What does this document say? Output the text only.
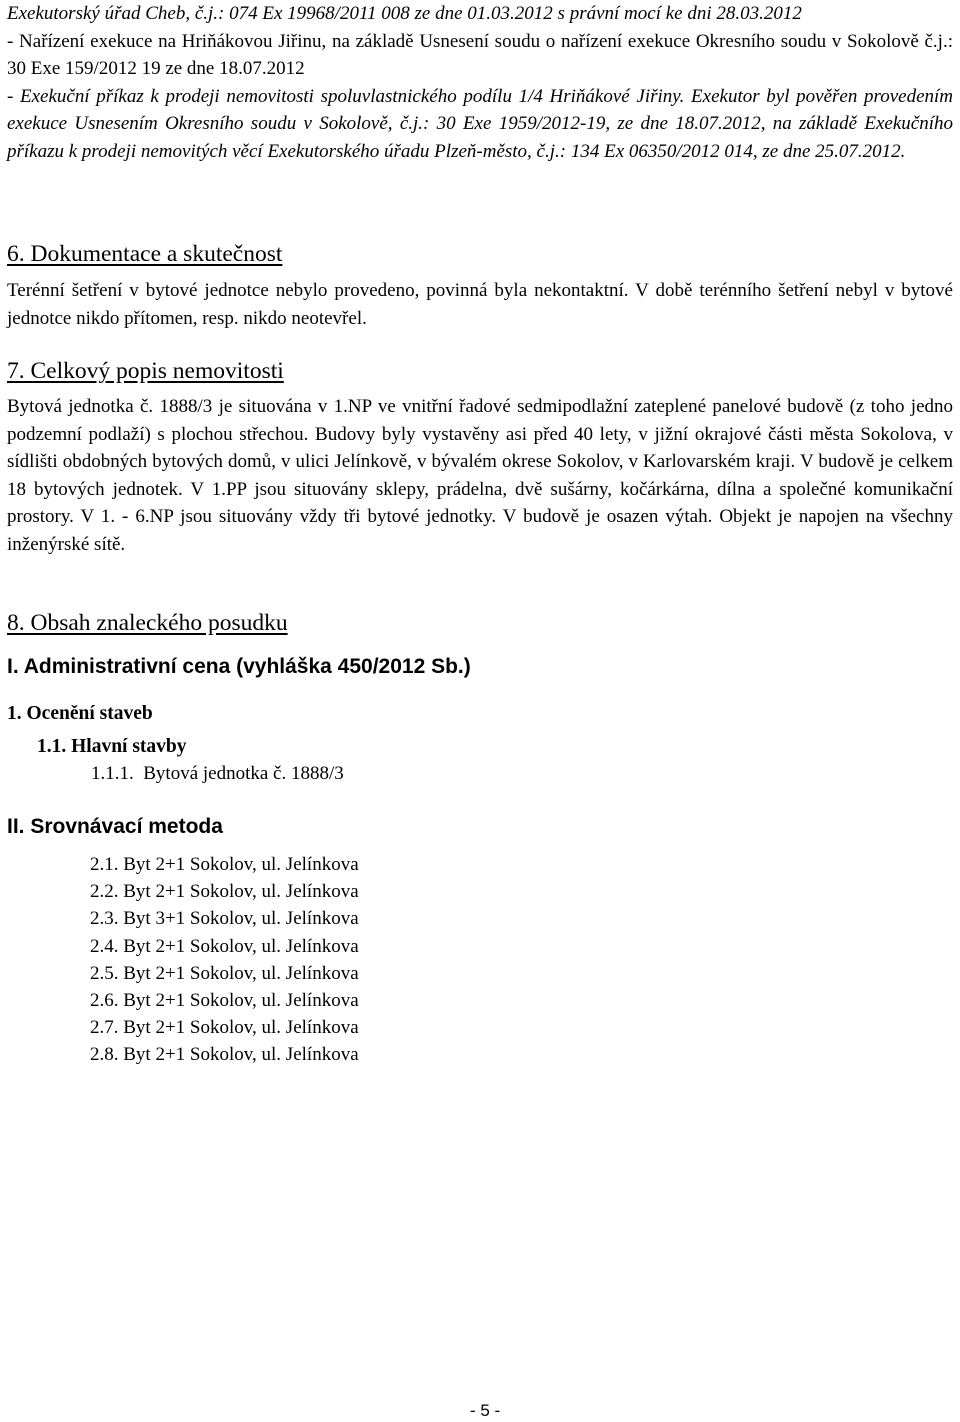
Exekutorský úřad Cheb, č.j.: 074 Ex 19968/2011 008 ze dne 01.03.2012 s právní mocí ke dni 28.03.2012

- Nařízení exekuce na Hriňákovou Jiřinu, na základě Usnesení soudu o nařízení exekuce Okresního soudu v Sokolově č.j.: 30 Exe 159/2012 19 ze dne 18.07.2012

- Exekuční příkaz k prodeji nemovitosti spoluvlastnického podílu 1/4 Hriňákové Jiřiny. Exekutor byl pověřen provedením exekuce Usnesením Okresního soudu v Sokolově, č.j.: 30 Exe 1959/2012-19, ze dne 18.07.2012, na základě Exekučního příkazu k prodeji nemovitých věcí Exekutorského úřadu Plzeň-město, č.j.: 134 Ex 06350/2012 014, ze dne 25.07.2012.

6. Dokumentace a skutečnost

Terénní šetření v bytové jednotce nebylo provedeno, povinná byla nekontaktní. V době terénního šetření nebyl v bytové jednotce nikdo přítomen, resp. nikdo neotevřel.

7. Celkový popis nemovitosti

Bytová jednotka č. 1888/3 je situována v 1.NP ve vnitřní řadové sedmipodlažní zateplené panelové budově (z toho jedno podzemní podlaží) s plochou střechou. Budovy byly vystavěny asi před 40 lety, v jižní okrajové části města Sokolova, v sídlišti obdobných bytových domů, v ulici Jelínkově, v bývalém okrese Sokolov, v Karlovarském kraji. V budově je celkem 18 bytových jednotek. V 1.PP jsou situovány sklepy, prádelna, dvě sušárny, kočárkárna, dílna a společné komunikační prostory. V 1. - 6.NP jsou situovány vždy tři bytové jednotky. V budově je osazen výtah. Objekt je napojen na všechny inženýrské sítě.

8. Obsah znaleckého posudku

I. Administrativní cena (vyhláška 450/2012 Sb.)

1. Ocenění staveb

1.1. Hlavní stavby

1.1.1.  Bytová jednotka č. 1888/3

II. Srovnávací metoda

2.1. Byt 2+1 Sokolov, ul. Jelínkova
2.2. Byt 2+1 Sokolov, ul. Jelínkova
2.3. Byt 3+1 Sokolov, ul. Jelínkova
2.4. Byt 2+1 Sokolov, ul. Jelínkova
2.5. Byt 2+1 Sokolov, ul. Jelínkova
2.6. Byt 2+1 Sokolov, ul. Jelínkova
2.7. Byt 2+1 Sokolov, ul. Jelínkova
2.8. Byt 2+1 Sokolov, ul. Jelínkova

- 5 -
